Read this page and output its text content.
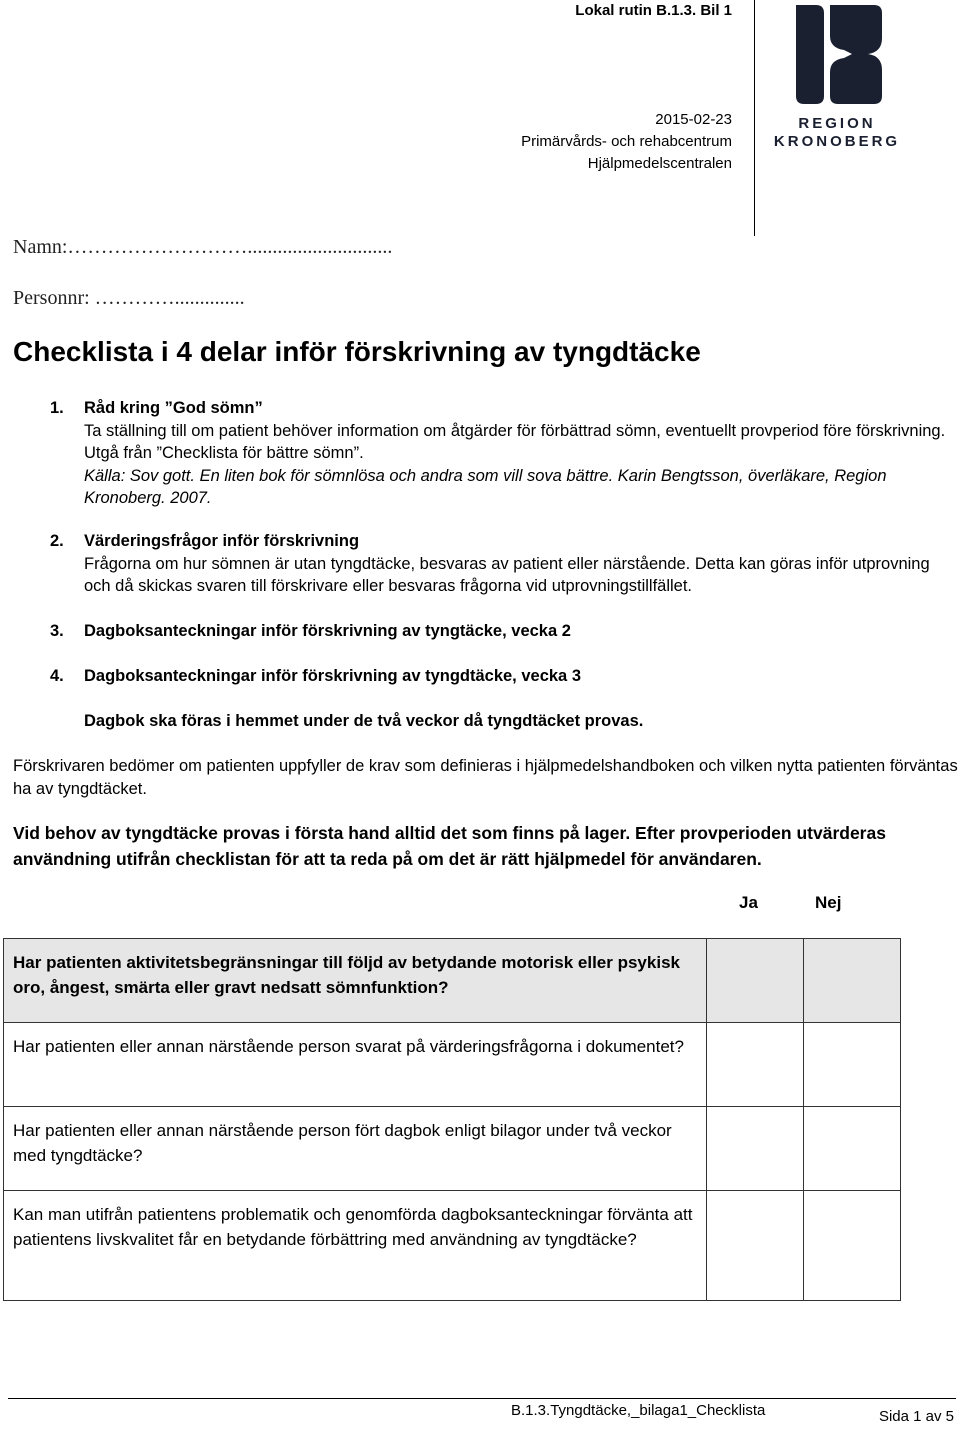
Lokal rutin B.1.3. Bil 1
2015-02-23
Primärvårds- och rehabcentrum
Hjälpmedelscentralen
REGION
KRONOBERG
Namn:……………………….............................
Personnr: …………..............
Checklista i 4 delar inför förskrivning av tyngdtäcke
1. Råd kring ”God sömn”
Ta ställning till om patient behöver information om åtgärder för förbättrad sömn, eventuellt provperiod före förskrivning. Utgå från ”Checklista för bättre sömn”.
Källa: Sov gott. En liten bok för sömnlösa och andra som vill sova bättre. Karin Bengtsson, överläkare, Region Kronoberg. 2007.
2. Värderingsfrågor inför förskrivning
Frågorna om hur sömnen är utan tyngdtäcke, besvaras av patient eller närstående. Detta kan göras inför utprovning och då skickas svaren till förskrivare eller besvaras frågorna vid utprovningstillfället.
3. Dagboksanteckningar inför förskrivning av tyngtäcke, vecka 2
4. Dagboksanteckningar inför förskrivning av tyngdtäcke, vecka 3
Dagbok ska föras i hemmet under de två veckor då tyngdtäcket provas.
Förskrivaren bedömer om patienten uppfyller de krav som definieras i hjälpmedelshandboken och vilken nytta patienten förväntas ha av tyngdtäcket.
Vid behov av tyngdtäcke provas i första hand alltid det som finns på lager. Efter provperioden utvärderas användning utifrån checklistan för att ta reda på om det är rätt hjälpmedel för användaren.
Ja	Nej
Har patienten aktivitetsbegränsningar till följd av betydande motorisk eller psykisk oro, ångest, smärta eller gravt nedsatt sömnfunktion?		
Har patienten eller annan närstående person svarat på värderingsfrågorna i dokumentet?		
Har patienten eller annan närstående person fört dagbok enligt bilagor under två veckor med tyngdtäcke?		
Kan man utifrån patientens problematik och genomförda dagboksanteckningar förvänta att patientens livskvalitet får en betydande förbättring med användning av tyngdtäcke?		
B.1.3.Tyngdtäcke,_bilaga1_Checklista	Sida 1 av 5
